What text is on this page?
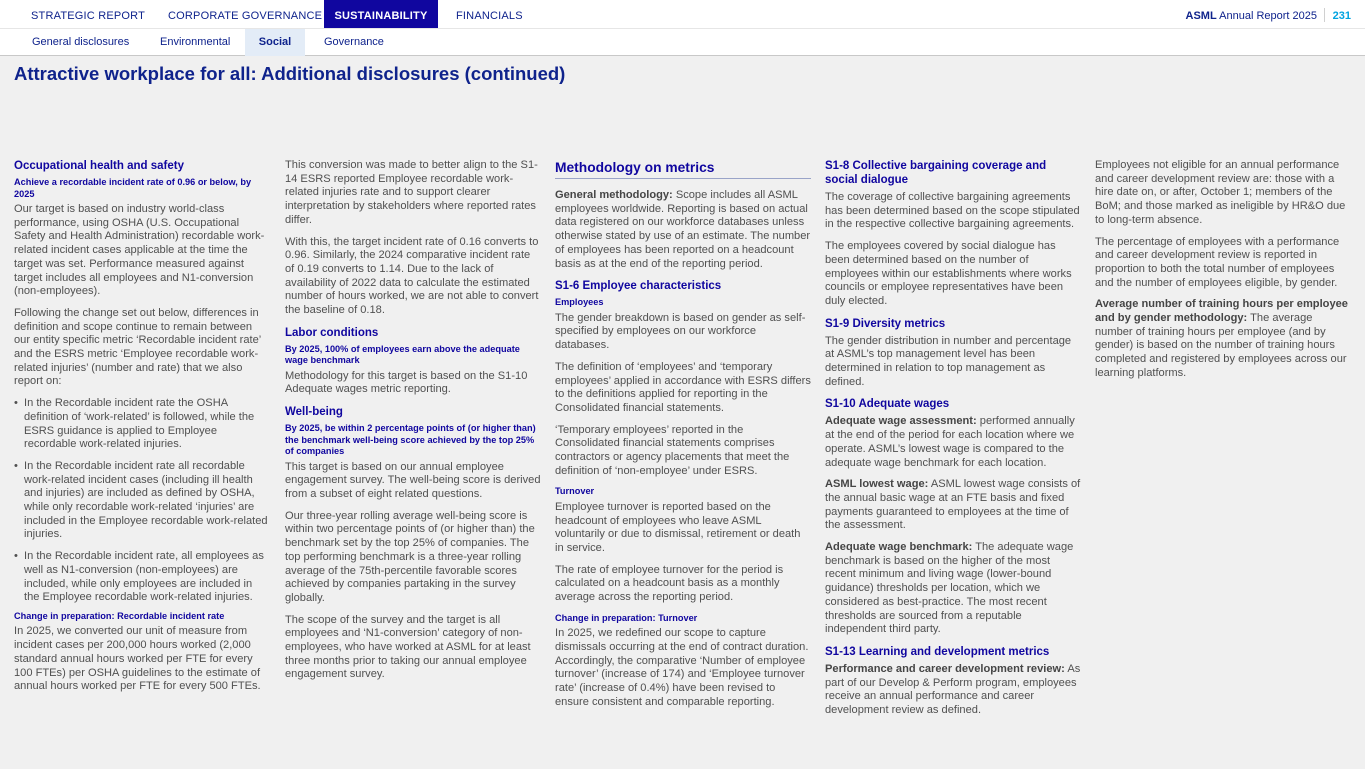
STRATEGIC REPORT CORPORATE GOVERNANCE	SUSTAINABILITY	FINANCIALS	ASML Annual Report 2025 231
General disclosures	Environmental	Social	Governance
Attractive workplace for all: Additional disclosures (continued)
Occupational health and safety
Achieve a recordable incident rate of 0.96 or below, by 2025

Our target is based on industry world-class performance, using OSHA (U.S. Occupational Safety and Health Administration) recordable work-related incident cases applicable at the time the target was set. Performance measured against target includes all employees and N1-conversion (non-employees).

Following the change set out below, differences in definition and scope continue to remain between our entity specific metric ‘Recordable incident rate’ and the ESRS metric ‘Employee recordable work-related injuries’ (number and rate) that we also report on:

• In the Recordable incident rate the OSHA definition of ‘work-related’ is followed, while the ESRS guidance is applied to Employee recordable work-related injuries.
• In the Recordable incident rate all recordable work-related incident cases (including ill health and injuries) are included as defined by OSHA, while only recordable work-related ‘injuries’ are included in the Employee recordable work-related injuries.
• In the Recordable incident rate, all employees as well as N1-conversion (non-employees) are included, while only employees are included in the Employee recordable work-related injuries.
Change in preparation: Recordable incident rate

In 2025, we converted our unit of measure from incident cases per 200,000 hours worked (2,000 standard annual hours worked per FTE for every 100 FTEs) per OSHA guidelines to the estimate of annual hours worked per FTE for every 500 FTEs.

This conversion was made to better align to the S1-14 ESRS reported Employee recordable work-related injuries rate and to support clearer interpretation by stakeholders where reported rates differ.

With this, the target incident rate of 0.16 converts to 0.96. Similarly, the 2024 comparative incident rate of 0.19 converts to 1.14. Due to the lack of availability of 2022 data to calculate the estimated number of hours worked, we are not able to convert the baseline of 0.18.

Labor conditions
By 2025, 100% of employees earn above the adequate wage benchmark

Methodology for this target is based on the S1-10 Adequate wages metric reporting.

Well-being
By 2025, be within 2 percentage points of (or higher than) the benchmark well-being score achieved by the top 25% of companies

This target is based on our annual employee engagement survey. The well-being score is derived from a subset of eight related questions.

Our three-year rolling average well-being score is within two percentage points of (or higher than) the benchmark set by the top 25% of companies. The top performing benchmark is a three-year rolling average of the 75th-percentile favorable scores achieved by companies partaking in the survey globally.

The scope of the survey and the target is all employees and ‘N1-conversion’ category of non-employees, who have worked at ASML for at least three months prior to taking our annual employee engagement survey.

Methodology on metrics

General methodology: Scope includes all ASML employees worldwide. Reporting is based on actual data registered on our workforce databases unless otherwise stated by use of an estimate. The number of employees has been reported on a headcount basis as at the end of the reporting period.

S1-6 Employee characteristics
Employees

The gender breakdown is based on gender as self-specified by employees on our workforce databases.

The definition of ‘employees’ and ‘temporary employees’ applied in accordance with ESRS differs to the definitions applied for reporting in the Consolidated financial statements.

‘Temporary employees’ reported in the Consolidated financial statements comprises contractors or agency placements that meet the definition of ‘non-employee’ under ESRS.

Turnover

Employee turnover is reported based on the headcount of employees who leave ASML voluntarily or due to dismissal, retirement or death in service.

The rate of employee turnover for the period is calculated on a headcount basis as a monthly average across the reporting period.

Change in preparation: Turnover

In 2025, we redefined our scope to capture dismissals occurring at the end of contract duration. Accordingly, the comparative ‘Number of employee turnover’ (increase of 174) and ‘Employee turnover rate’ (increase of 0.4%) have been revised to ensure consistent and comparable reporting.

S1-8 Collective bargaining coverage and social dialogue

The coverage of collective bargaining agreements has been determined based on the scope stipulated in the respective collective bargaining agreements.

The employees covered by social dialogue has been determined based on the number of employees within our establishments where works councils or employee representatives have been duly elected.

S1-9 Diversity metrics

The gender distribution in number and percentage at ASML’s top management level has been determined in relation to top management as defined.

S1-10 Adequate wages

Adequate wage assessment: performed annually at the end of the period for each location where we operate. ASML’s lowest wage is compared to the adequate wage benchmark for each location.

ASML lowest wage: ASML lowest wage consists of the annual basic wage at an FTE basis and fixed payments guaranteed to employees at the time of the assessment.

Adequate wage benchmark: The adequate wage benchmark is based on the higher of the most recent minimum and living wage (lower-bound guidance) thresholds per location, which we considered as best-practice. The most recent thresholds are sourced from a reputable independent third party.

S1-13 Learning and development metrics

Performance and career development review: As part of our Develop & Perform program, employees receive an annual performance and career development review as defined.

Employees not eligible for an annual performance and career development review are: those with a hire date on, or after, October 1; members of the BoM; and those marked as ineligible by HR&O due to long-term absence.

The percentage of employees with a performance and career development review is reported in proportion to both the total number of employees and the number of employees eligible, by gender.

Average number of training hours per employee and by gender methodology: The average number of training hours per employee (and by gender) is based on the number of training hours completed and registered by employees across our learning platforms.
